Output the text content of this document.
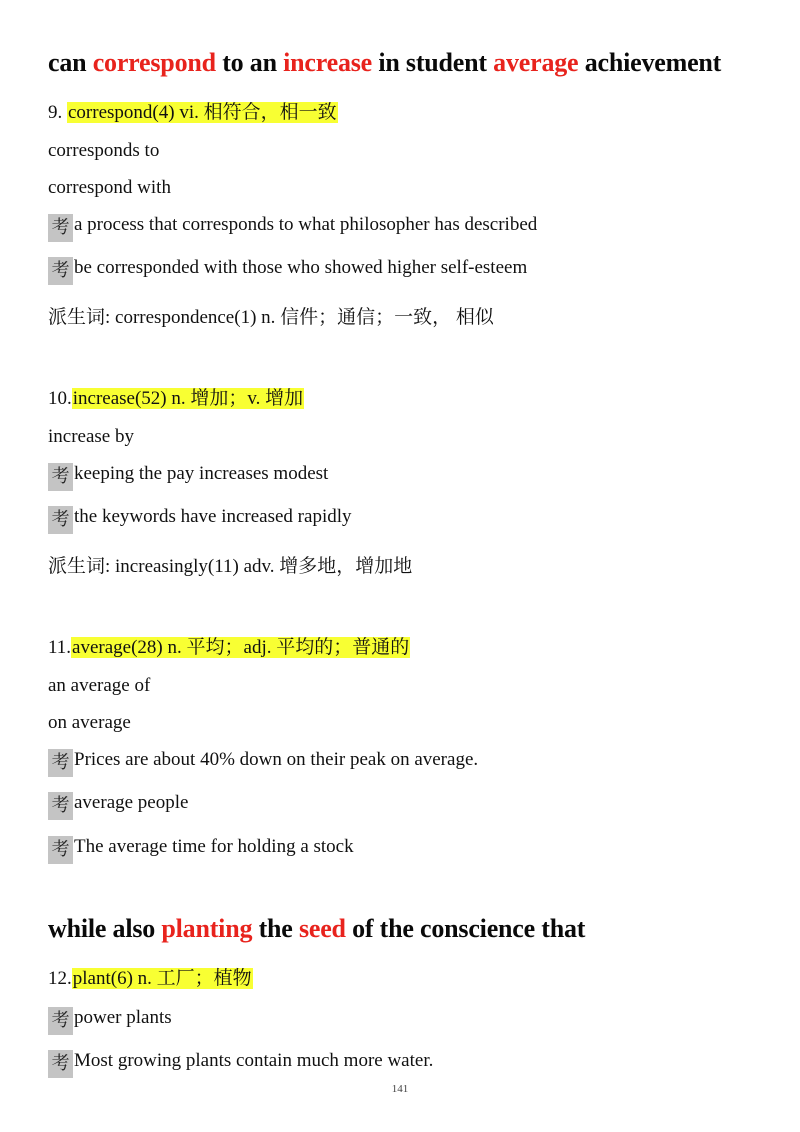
can correspond to an increase in student average achievement
9. correspond(4) vi. 相符合，相一致
corresponds to
correspond with
考 a process that corresponds to what philosopher has described
考 be corresponded with those who showed higher self-esteem
派生词: correspondence(1) n. 信件；通信；一致， 相似
10.increase(52) n. 增加；v. 增加
increase by
考 keeping the pay increases modest
考 the keywords have increased rapidly
派生词: increasingly(11) adv. 增多地，增加地
11.average(28) n. 平均；adj. 平均的；普通的
an average of
on average
考 Prices are about 40% down on their peak on average.
考 average people
考 The average time for holding a stock
while also planting the seed of the conscience that
12.plant(6) n. 工厂；植物
考 power plants
考 Most growing plants contain much more water.
141
